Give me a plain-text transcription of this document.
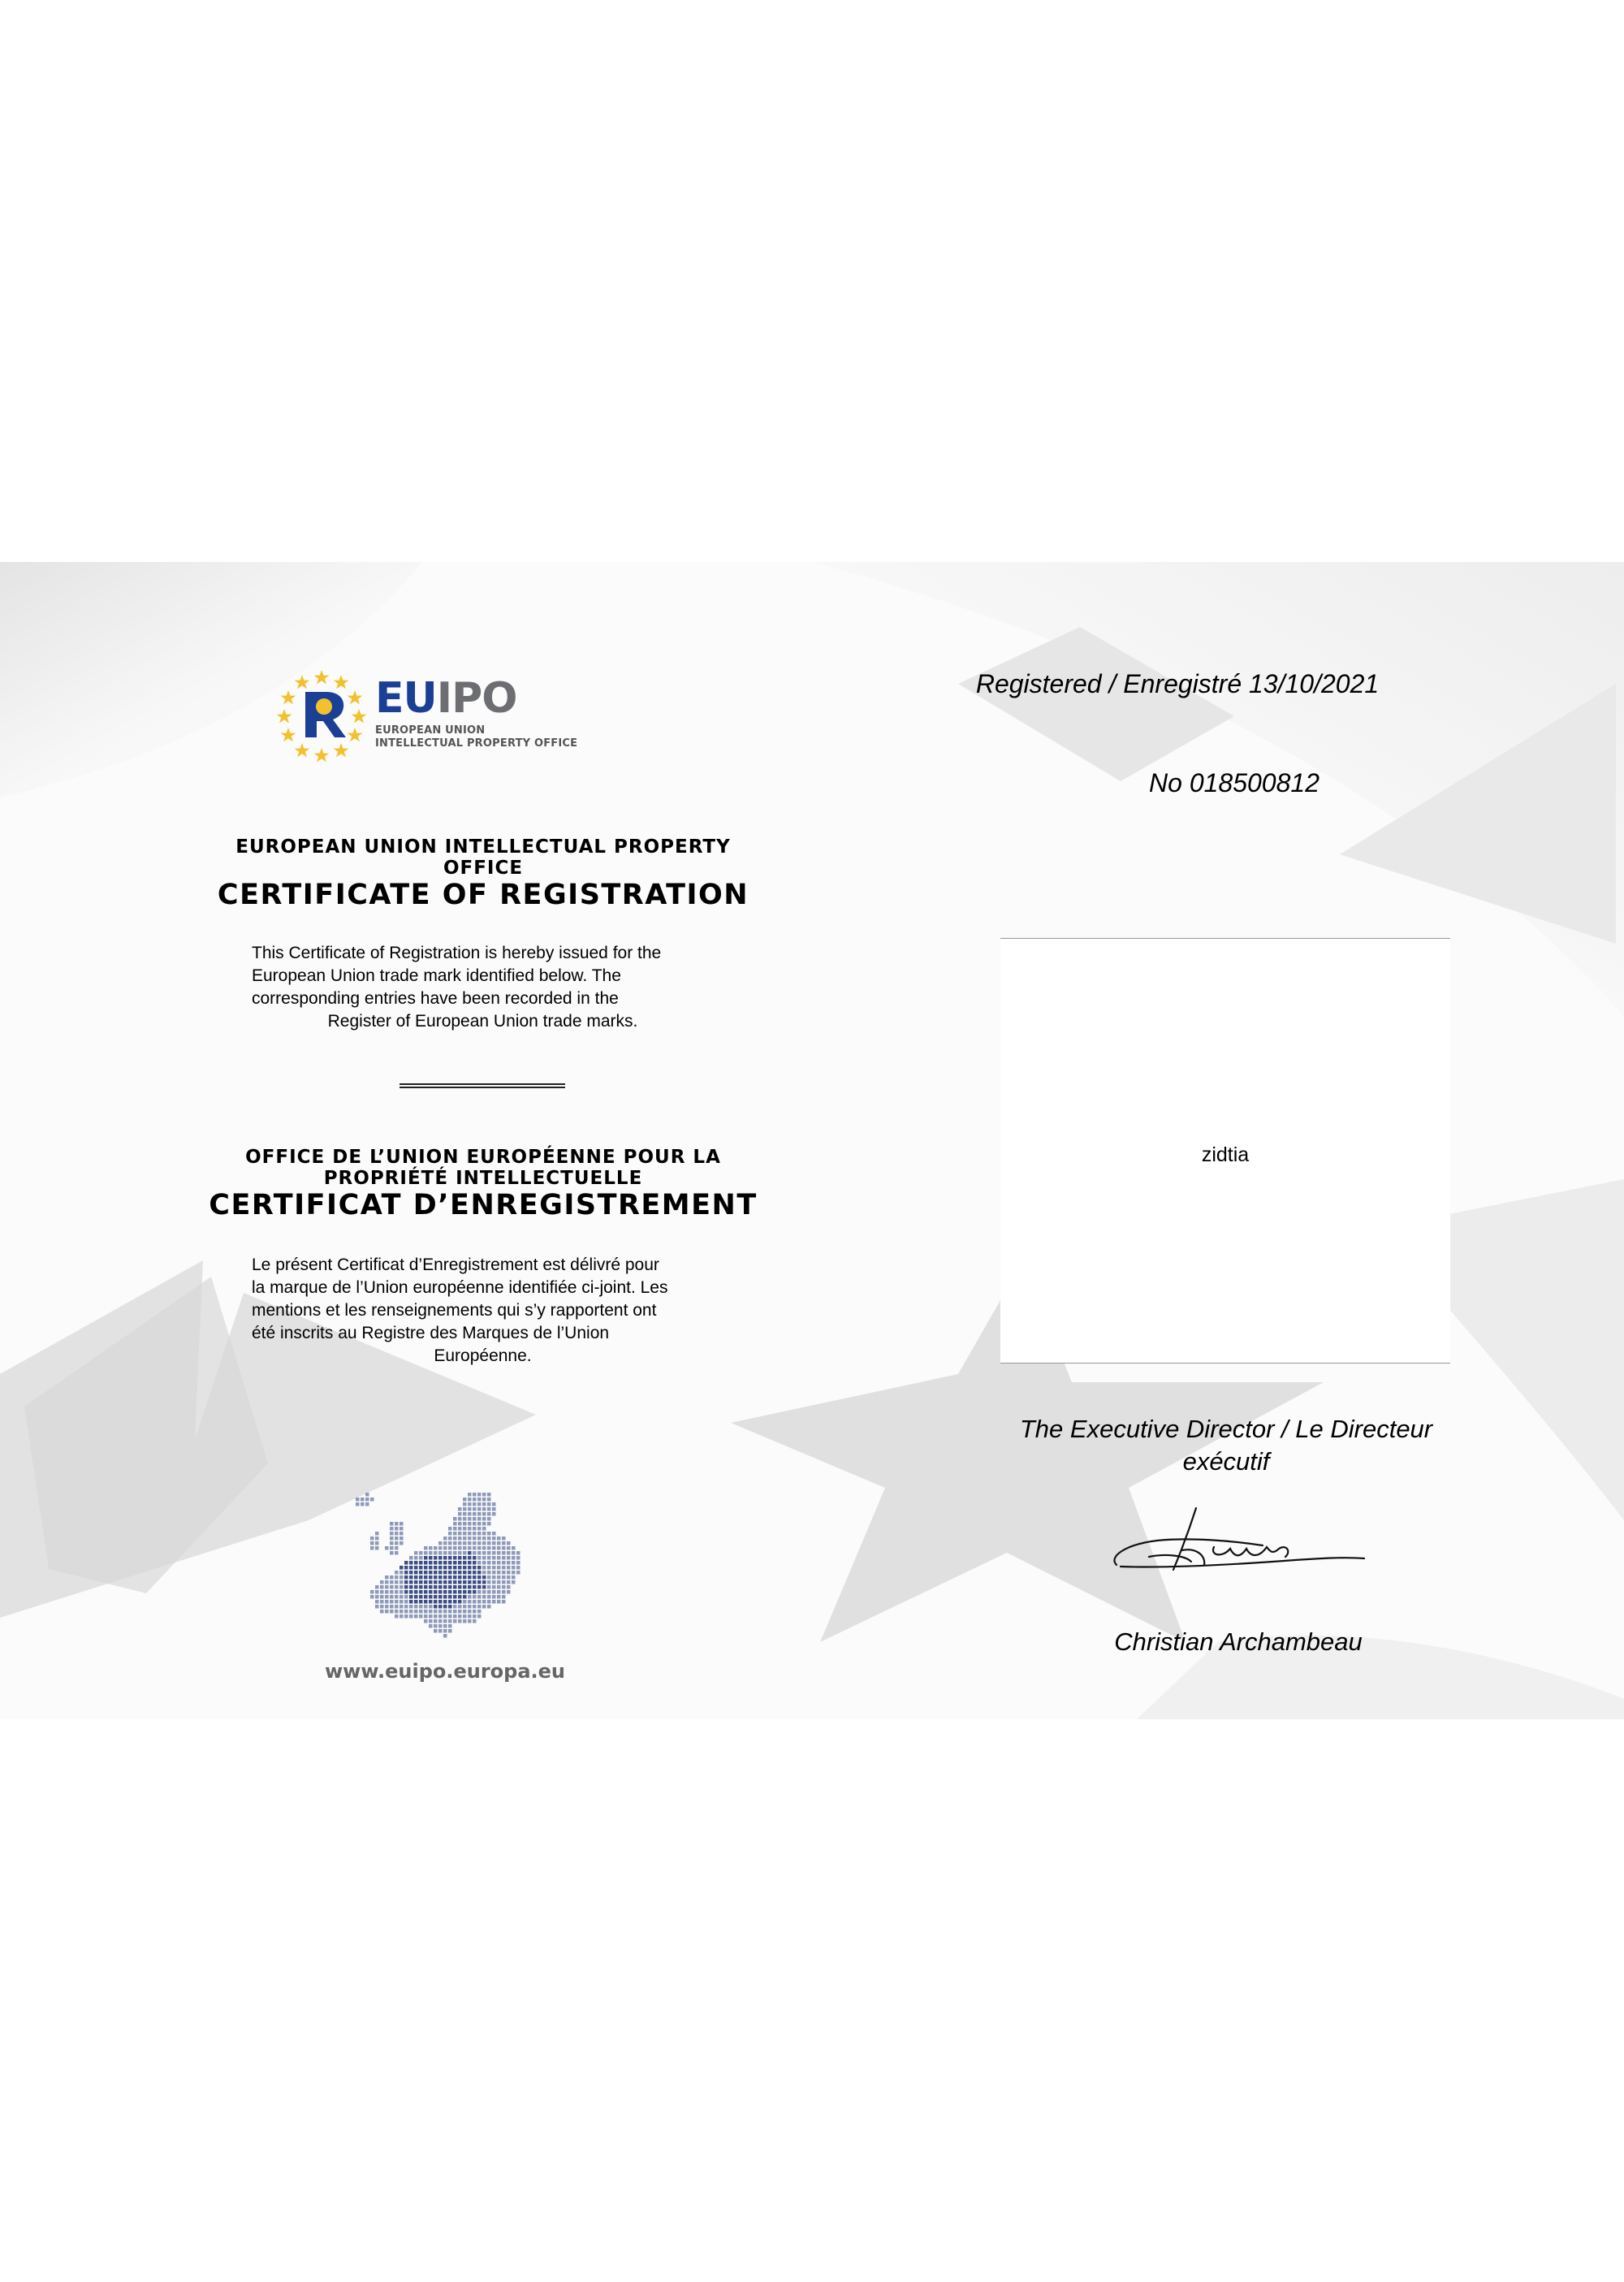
EUIPO
EUROPEAN UNION
INTELLECTUAL PROPERTY OFFICE
EUROPEAN UNION INTELLECTUAL PROPERTY
OFFICE
CERTIFICATE OF REGISTRATION
This Certificate of Registration is hereby issued for the
European Union trade mark identified below. The
corresponding entries have been recorded in the
Register of European Union trade marks.
OFFICE DE L’UNION EUROPÉENNE POUR LA
PROPRIÉTÉ INTELLECTUELLE
CERTIFICAT D’ENREGISTREMENT
Le présent Certificat d’Enregistrement est délivré pour
la marque de l’Union européenne identifiée ci-joint. Les
mentions et les renseignements qui s’y rapportent ont
été inscrits au Registre des Marques de l’Union
Européenne.
www.euipo.europa.eu
Registered / Enregistré 13/10/2021
No 018500812
zidtia
The Executive Director / Le Directeur
exécutif
Christian Archambeau
